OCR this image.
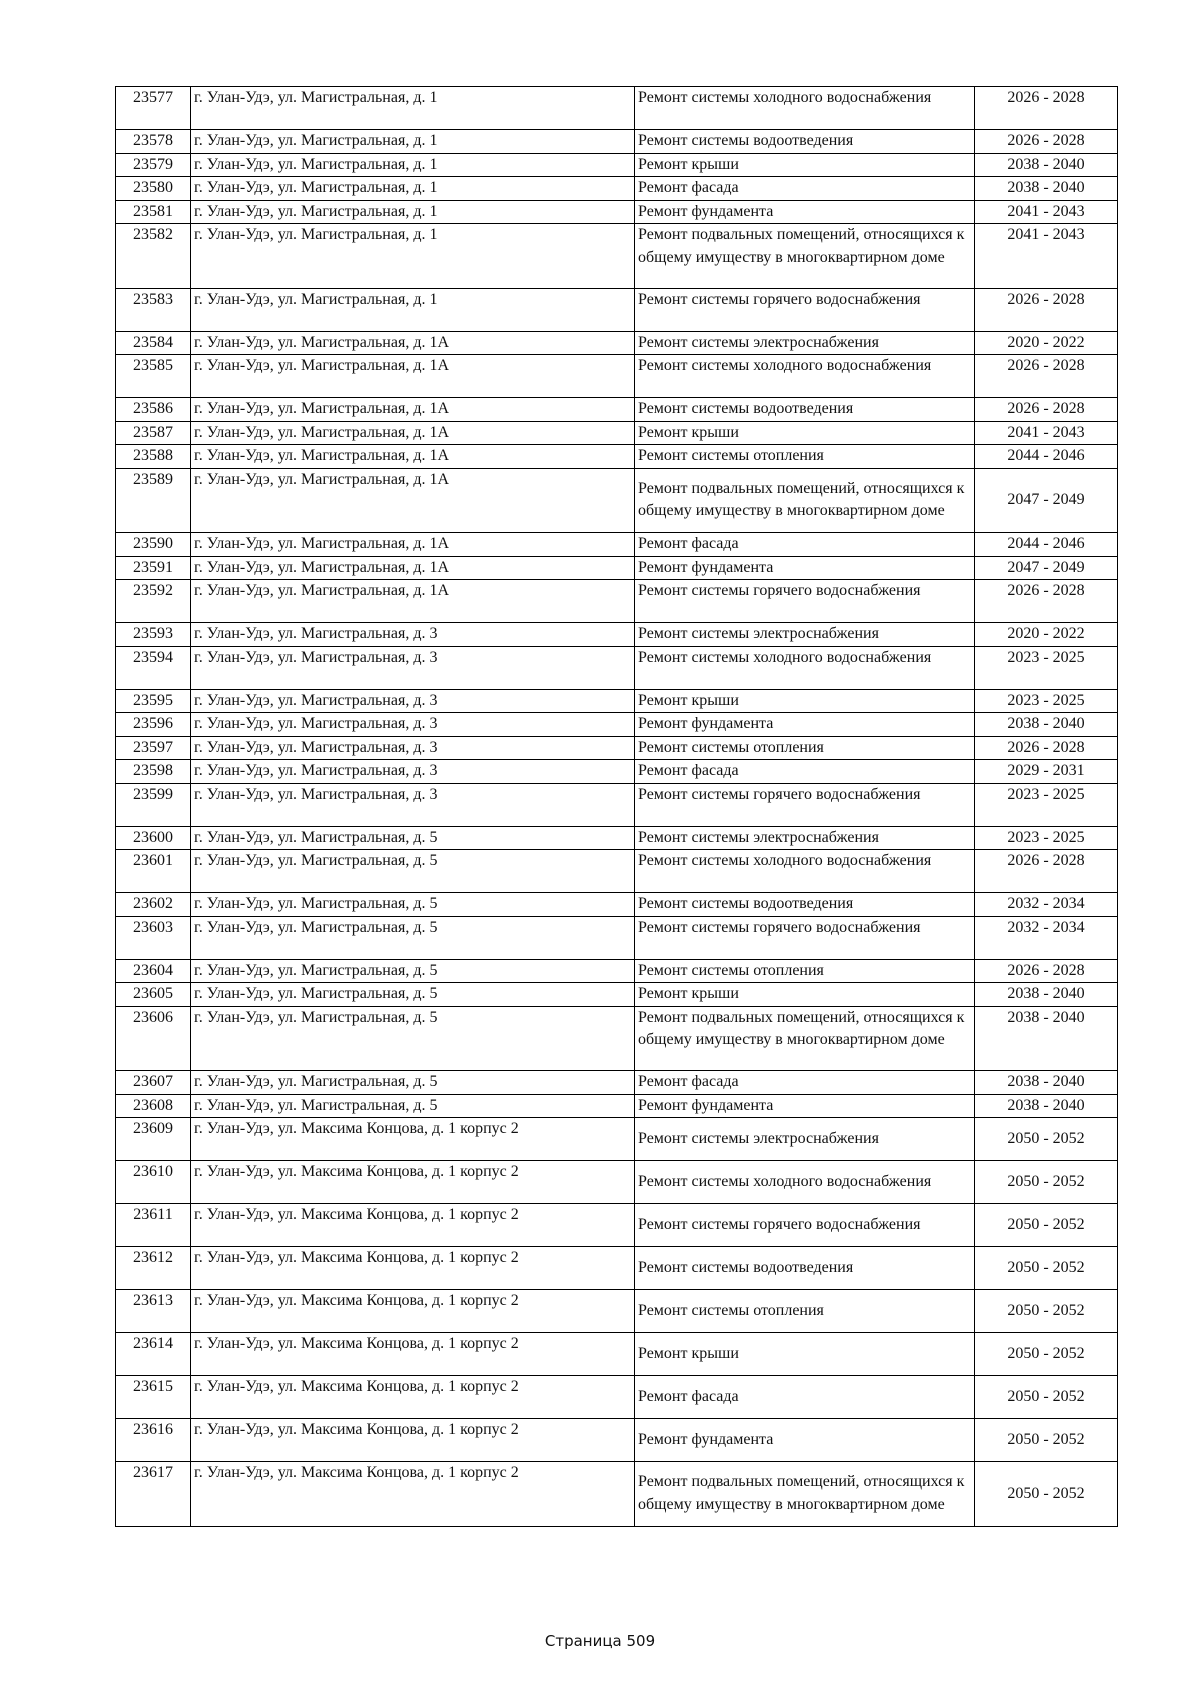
23577	г. Улан-Удэ, ул. Магистральная, д. 1	Ремонт системы холодного водоснабжения	2026 - 2028
23578	г. Улан-Удэ, ул. Магистральная, д. 1	Ремонт системы водоотведения	2026 - 2028
23579	г. Улан-Удэ, ул. Магистральная, д. 1	Ремонт крыши	2038 - 2040
23580	г. Улан-Удэ, ул. Магистральная, д. 1	Ремонт фасада	2038 - 2040
23581	г. Улан-Удэ, ул. Магистральная, д. 1	Ремонт фундамента	2041 - 2043
23582	г. Улан-Удэ, ул. Магистральная, д. 1	Ремонт подвальных помещений, относящихся к общему имуществу в многоквартирном доме	2041 - 2043
23583	г. Улан-Удэ, ул. Магистральная, д. 1	Ремонт системы горячего водоснабжения	2026 - 2028
23584	г. Улан-Удэ, ул. Магистральная, д. 1А	Ремонт системы электроснабжения	2020 - 2022
23585	г. Улан-Удэ, ул. Магистральная, д. 1А	Ремонт системы холодного водоснабжения	2026 - 2028
23586	г. Улан-Удэ, ул. Магистральная, д. 1А	Ремонт системы водоотведения	2026 - 2028
23587	г. Улан-Удэ, ул. Магистральная, д. 1А	Ремонт крыши	2041 - 2043
23588	г. Улан-Удэ, ул. Магистральная, д. 1А	Ремонт системы отопления	2044 - 2046
23589	г. Улан-Удэ, ул. Магистральная, д. 1А	Ремонт подвальных помещений, относящихся к общему имуществу в многоквартирном доме	2047 - 2049
23590	г. Улан-Удэ, ул. Магистральная, д. 1А	Ремонт фасада	2044 - 2046
23591	г. Улан-Удэ, ул. Магистральная, д. 1А	Ремонт фундамента	2047 - 2049
23592	г. Улан-Удэ, ул. Магистральная, д. 1А	Ремонт системы горячего водоснабжения	2026 - 2028
23593	г. Улан-Удэ, ул. Магистральная, д. 3	Ремонт системы электроснабжения	2020 - 2022
23594	г. Улан-Удэ, ул. Магистральная, д. 3	Ремонт системы холодного водоснабжения	2023 - 2025
23595	г. Улан-Удэ, ул. Магистральная, д. 3	Ремонт крыши	2023 - 2025
23596	г. Улан-Удэ, ул. Магистральная, д. 3	Ремонт фундамента	2038 - 2040
23597	г. Улан-Удэ, ул. Магистральная, д. 3	Ремонт системы отопления	2026 - 2028
23598	г. Улан-Удэ, ул. Магистральная, д. 3	Ремонт фасада	2029 - 2031
23599	г. Улан-Удэ, ул. Магистральная, д. 3	Ремонт системы горячего водоснабжения	2023 - 2025
23600	г. Улан-Удэ, ул. Магистральная, д. 5	Ремонт системы электроснабжения	2023 - 2025
23601	г. Улан-Удэ, ул. Магистральная, д. 5	Ремонт системы холодного водоснабжения	2026 - 2028
23602	г. Улан-Удэ, ул. Магистральная, д. 5	Ремонт системы водоотведения	2032 - 2034
23603	г. Улан-Удэ, ул. Магистральная, д. 5	Ремонт системы горячего водоснабжения	2032 - 2034
23604	г. Улан-Удэ, ул. Магистральная, д. 5	Ремонт системы отопления	2026 - 2028
23605	г. Улан-Удэ, ул. Магистральная, д. 5	Ремонт крыши	2038 - 2040
23606	г. Улан-Удэ, ул. Магистральная, д. 5	Ремонт подвальных помещений, относящихся к общему имуществу в многоквартирном доме	2038 - 2040
23607	г. Улан-Удэ, ул. Магистральная, д. 5	Ремонт фасада	2038 - 2040
23608	г. Улан-Удэ, ул. Магистральная, д. 5	Ремонт фундамента	2038 - 2040
23609	г. Улан-Удэ, ул. Максима Концова, д. 1 корпус 2	Ремонт системы электроснабжения	2050 - 2052
23610	г. Улан-Удэ, ул. Максима Концова, д. 1 корпус 2	Ремонт системы холодного водоснабжения	2050 - 2052
23611	г. Улан-Удэ, ул. Максима Концова, д. 1 корпус 2	Ремонт системы горячего водоснабжения	2050 - 2052
23612	г. Улан-Удэ, ул. Максима Концова, д. 1 корпус 2	Ремонт системы водоотведения	2050 - 2052
23613	г. Улан-Удэ, ул. Максима Концова, д. 1 корпус 2	Ремонт системы отопления	2050 - 2052
23614	г. Улан-Удэ, ул. Максима Концова, д. 1 корпус 2	Ремонт крыши	2050 - 2052
23615	г. Улан-Удэ, ул. Максима Концова, д. 1 корпус 2	Ремонт фасада	2050 - 2052
23616	г. Улан-Удэ, ул. Максима Концова, д. 1 корпус 2	Ремонт фундамента	2050 - 2052
23617	г. Улан-Удэ, ул. Максима Концова, д. 1 корпус 2	Ремонт подвальных помещений, относящихся к общему имуществу в многоквартирном доме	2050 - 2052
Страница 509
